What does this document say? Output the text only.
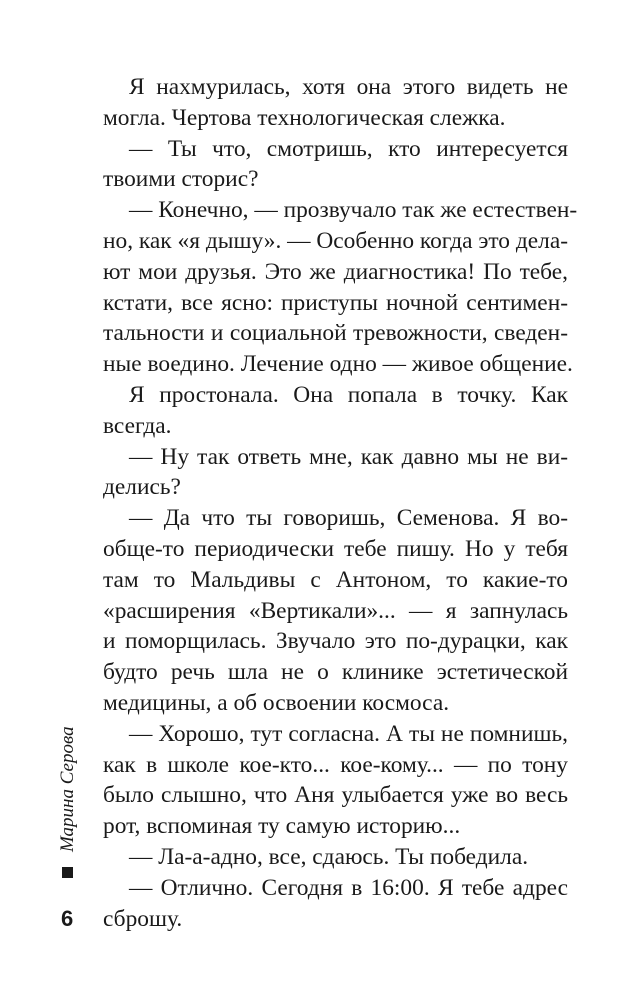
Я нахмурилась, хотя она этого видеть не
могла. Чертова технологическая слежка.
— Ты что, смотришь, кто интересуется
твоими сторис?
— Конечно, — прозвучало так же естествен-
но, как «я дышу». — Особенно когда это дела-
ют мои друзья. Это же диагностика! По тебе,
кстати, все ясно: приступы ночной сентимен-
тальности и социальной тревожности, сведен-
ные воедино. Лечение одно — живое общение.
Я простонала. Она попала в точку. Как
всегда.
— Ну так ответь мне, как давно мы не ви-
делись?
— Да что ты говоришь, Семенова. Я во-
обще-то периодически тебе пишу. Но у тебя
там то Мальдивы с Антоном, то какие-то
«расширения «Вертикали»... — я запнулась
и поморщилась. Звучало это по-дурацки, как
будто речь шла не о клинике эстетической
медицины, а об освоении космоса.
— Хорошо, тут согласна. А ты не помнишь,
как в школе кое-кто... кое-кому... — по тону
было слышно, что Аня улыбается уже во весь
рот, вспоминая ту самую историю...
— Ла-а-адно, все, сдаюсь. Ты победила.
— Отлично. Сегодня в 16:00. Я тебе адрес
сброшу.
Марина Серова
6
